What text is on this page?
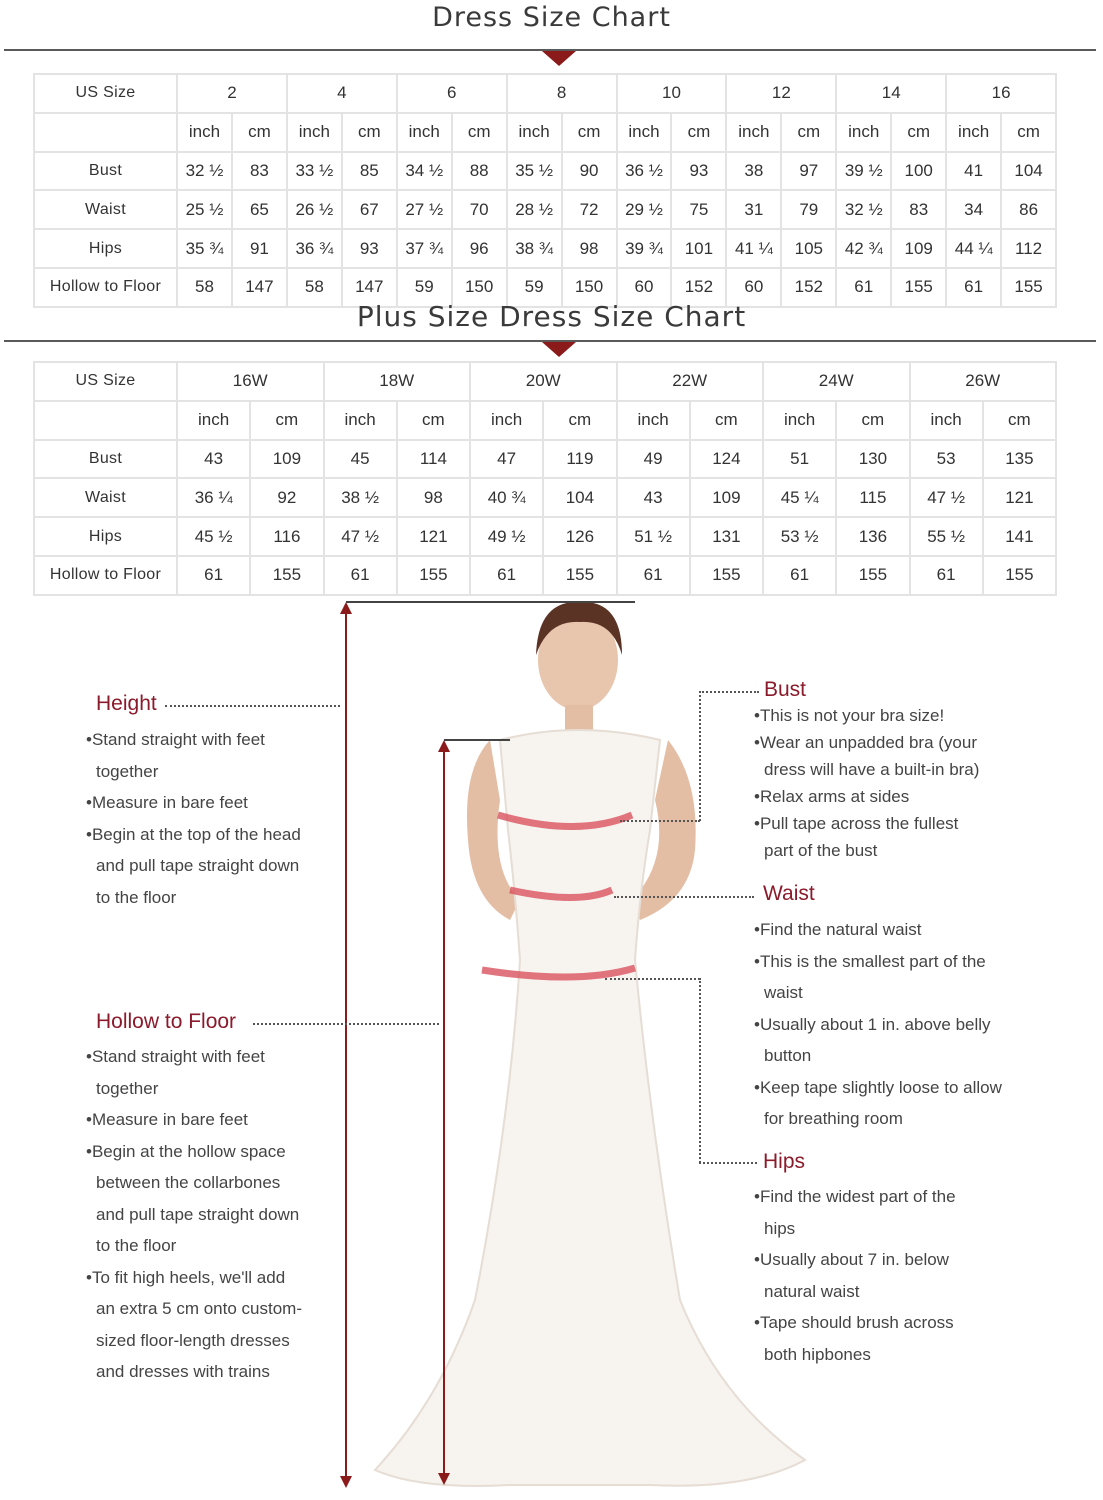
Dress Size Chart
US Size	2		4		6		8		10		12		14		16	
	inch	cm	inch	cm	inch	cm	inch	cm	inch	cm	inch	cm	inch	cm	inch	cm
Bust	32 ½	83	33 ½	85	34 ½	88	35 ½	90	36 ½	93	38	97	39 ½	100	41	104
Waist	25 ½	65	26 ½	67	27 ½	70	28 ½	72	29 ½	75	31	79	32 ½	83	34	86
Hips	35 ¾	91	36 ¾	93	37 ¾	96	38 ¾	98	39 ¾	101	41 ¼	105	42 ¾	109	44 ¼	112
Hollow to Floor	58	147	58	147	59	150	59	150	60	152	60	152	61	155	61	155
Plus Size Dress Size Chart
US Size	16W		18W		20W		22W		24W		26W	
	inch	cm	inch	cm	inch	cm	inch	cm	inch	cm	inch	cm
Bust	43	109	45	114	47	119	49	124	51	130	53	135
Waist	36 ¼	92	38 ½	98	40 ¾	104	43	109	45 ¼	115	47 ½	121
Hips	45 ½	116	47 ½	121	49 ½	126	51 ½	131	53 ½	136	55 ½	141
Hollow to Floor	61	155	61	155	61	155	61	155	61	155	61	155
Height
•Stand straight with feet
together
•Measure in bare feet
•Begin at the top of the head
and pull tape straight down
to the floor
Hollow to Floor
•Stand straight with feet
together
•Measure in bare feet
•Begin at the hollow space
between the collarbones
and pull tape straight down
to the floor
•To fit high heels, we'll add
an extra 5 cm onto custom-
sized floor-length dresses
and dresses with trains
Bust
•This is not your bra size!
•Wear an unpadded bra (your
dress will have a built-in bra)
•Relax arms at sides
•Pull tape across the fullest
part of the bust
Waist
•Find the natural waist
•This is the smallest part of the
waist
•Usually about 1 in. above belly
button
•Keep tape slightly loose to allow
for breathing room
Hips
•Find the widest part of the
hips
•Usually about 7 in. below
natural waist
•Tape should brush across
both hipbones
